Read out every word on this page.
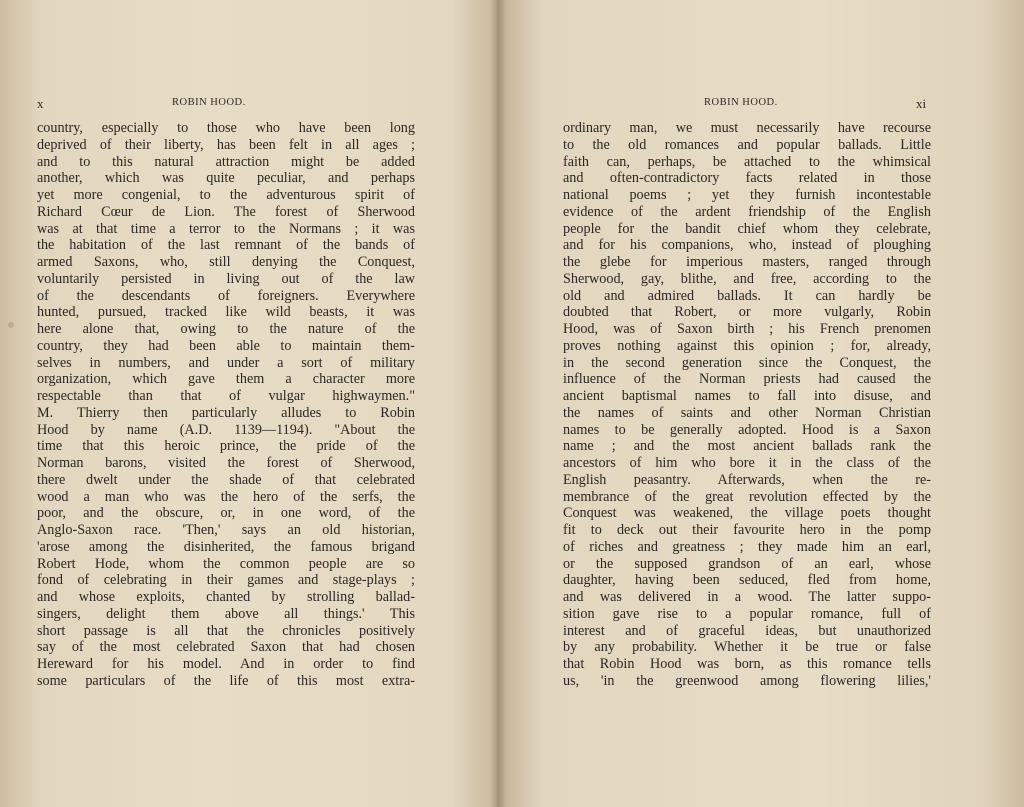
x	ROBIN HOOD.
country, especially to those who have been long
deprived of their liberty, has been felt in all ages ;
and to this natural attraction might be added
another, which was quite peculiar, and perhaps
yet more congenial, to the adventurous spirit of
Richard Cœur de Lion. The forest of Sherwood
was at that time a terror to the Normans ; it was
the habitation of the last remnant of the bands of
armed Saxons, who, still denying the Conquest,
voluntarily persisted in living out of the law
of the descendants of foreigners. Everywhere
hunted, pursued, tracked like wild beasts, it was
here alone that, owing to the nature of the
country, they had been able to maintain them-
selves in numbers, and under a sort of military
organization, which gave them a character more
respectable than that of vulgar highwaymen."
M. Thierry then particularly alludes to Robin
Hood by name (A.D. 1139—1194). "About the
time that this heroic prince, the pride of the
Norman barons, visited the forest of Sherwood,
there dwelt under the shade of that celebrated
wood a man who was the hero of the serfs, the
poor, and the obscure, or, in one word, of the
Anglo-Saxon race. 'Then,' says an old historian,
'arose among the disinherited, the famous brigand
Robert Hode, whom the common people are so
fond of celebrating in their games and stage-plays ;
and whose exploits, chanted by strolling ballad-
singers, delight them above all things.' This
short passage is all that the chronicles positively
say of the most celebrated Saxon that had chosen
Hereward for his model. And in order to find
some particulars of the life of this most extra-
ROBIN HOOD.	xi
ordinary man, we must necessarily have recourse
to the old romances and popular ballads. Little
faith can, perhaps, be attached to the whimsical
and often-contradictory facts related in those
national poems ; yet they furnish incontestable
evidence of the ardent friendship of the English
people for the bandit chief whom they celebrate,
and for his companions, who, instead of ploughing
the glebe for imperious masters, ranged through
Sherwood, gay, blithe, and free, according to the
old and admired ballads. It can hardly be
doubted that Robert, or more vulgarly, Robin
Hood, was of Saxon birth ; his French prenomen
proves nothing against this opinion ; for, already,
in the second generation since the Conquest, the
influence of the Norman priests had caused the
ancient baptismal names to fall into disuse, and
the names of saints and other Norman Christian
names to be generally adopted. Hood is a Saxon
name ; and the most ancient ballads rank the
ancestors of him who bore it in the class of the
English peasantry. Afterwards, when the re-
membrance of the great revolution effected by the
Conquest was weakened, the village poets thought
fit to deck out their favourite hero in the pomp
of riches and greatness ; they made him an earl,
or the supposed grandson of an earl, whose
daughter, having been seduced, fled from home,
and was delivered in a wood. The latter suppo-
sition gave rise to a popular romance, full of
interest and of graceful ideas, but unauthorized
by any probability. Whether it be true or false
that Robin Hood was born, as this romance tells
us, 'in the greenwood among flowering lilies,'
